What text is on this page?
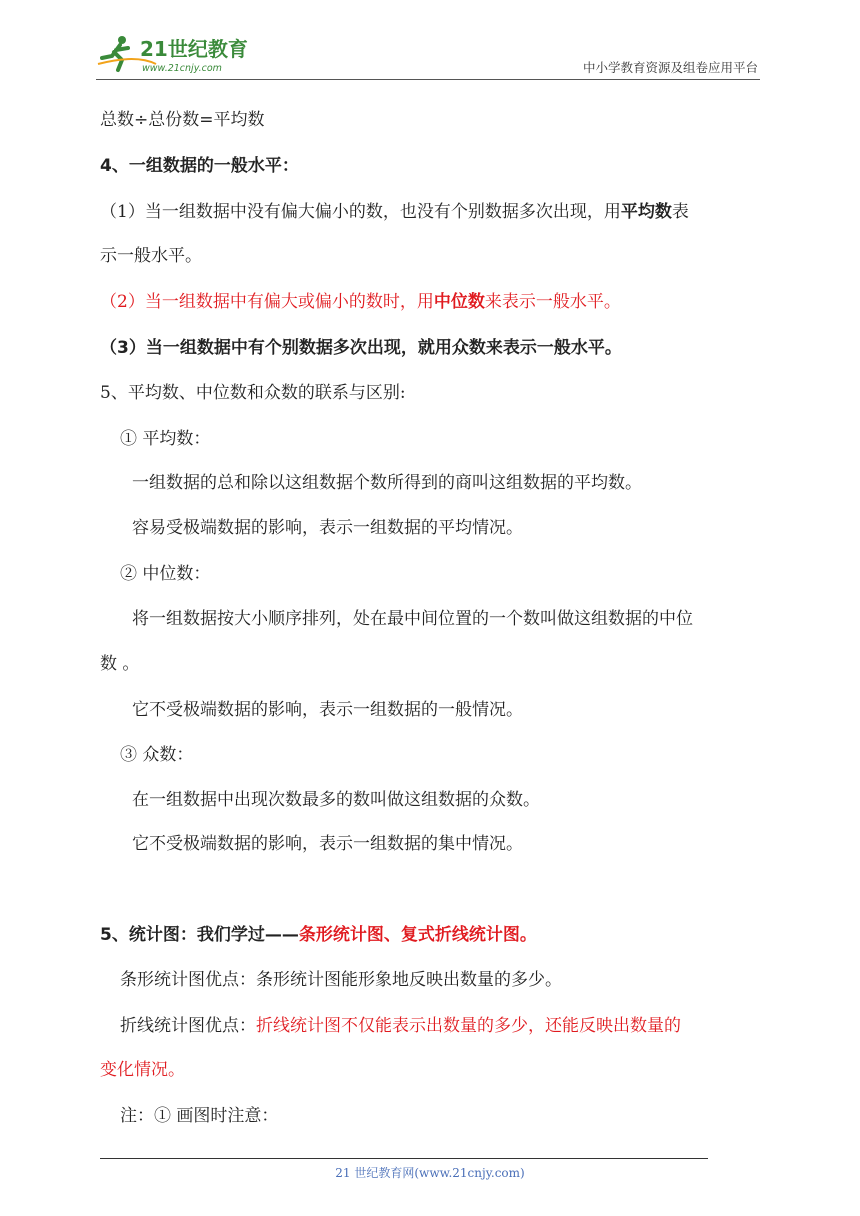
21世纪教育
www.21cnjy.com	中小学教育资源及组卷应用平台
总数÷总份数=平均数
4、一组数据的一般水平：
（1）当一组数据中没有偏大偏小的数，也没有个别数据多次出现，用平均数表
示一般水平。
（2）当一组数据中有偏大或偏小的数时，用中位数来表示一般水平。
（3）当一组数据中有个别数据多次出现，就用众数来表示一般水平。
5、平均数、中位数和众数的联系与区别:
① 平均数：
一组数据的总和除以这组数据个数所得到的商叫这组数据的平均数。
容易受极端数据的影响，表示一组数据的平均情况。
② 中位数：
将一组数据按大小顺序排列，处在最中间位置的一个数叫做这组数据的中位
数 。
它不受极端数据的影响，表示一组数据的一般情况。
③ 众数：
在一组数据中出现次数最多的数叫做这组数据的众数。
它不受极端数据的影响，表示一组数据的集中情况。
5、统计图：我们学过——条形统计图、复式折线统计图。
条形统计图优点：条形统计图能形象地反映出数量的多少。
折线统计图优点：折线统计图不仅能表示出数量的多少，还能反映出数量的
变化情况。
注：① 画图时注意：
21 世纪教育网(www.21cnjy.com)
